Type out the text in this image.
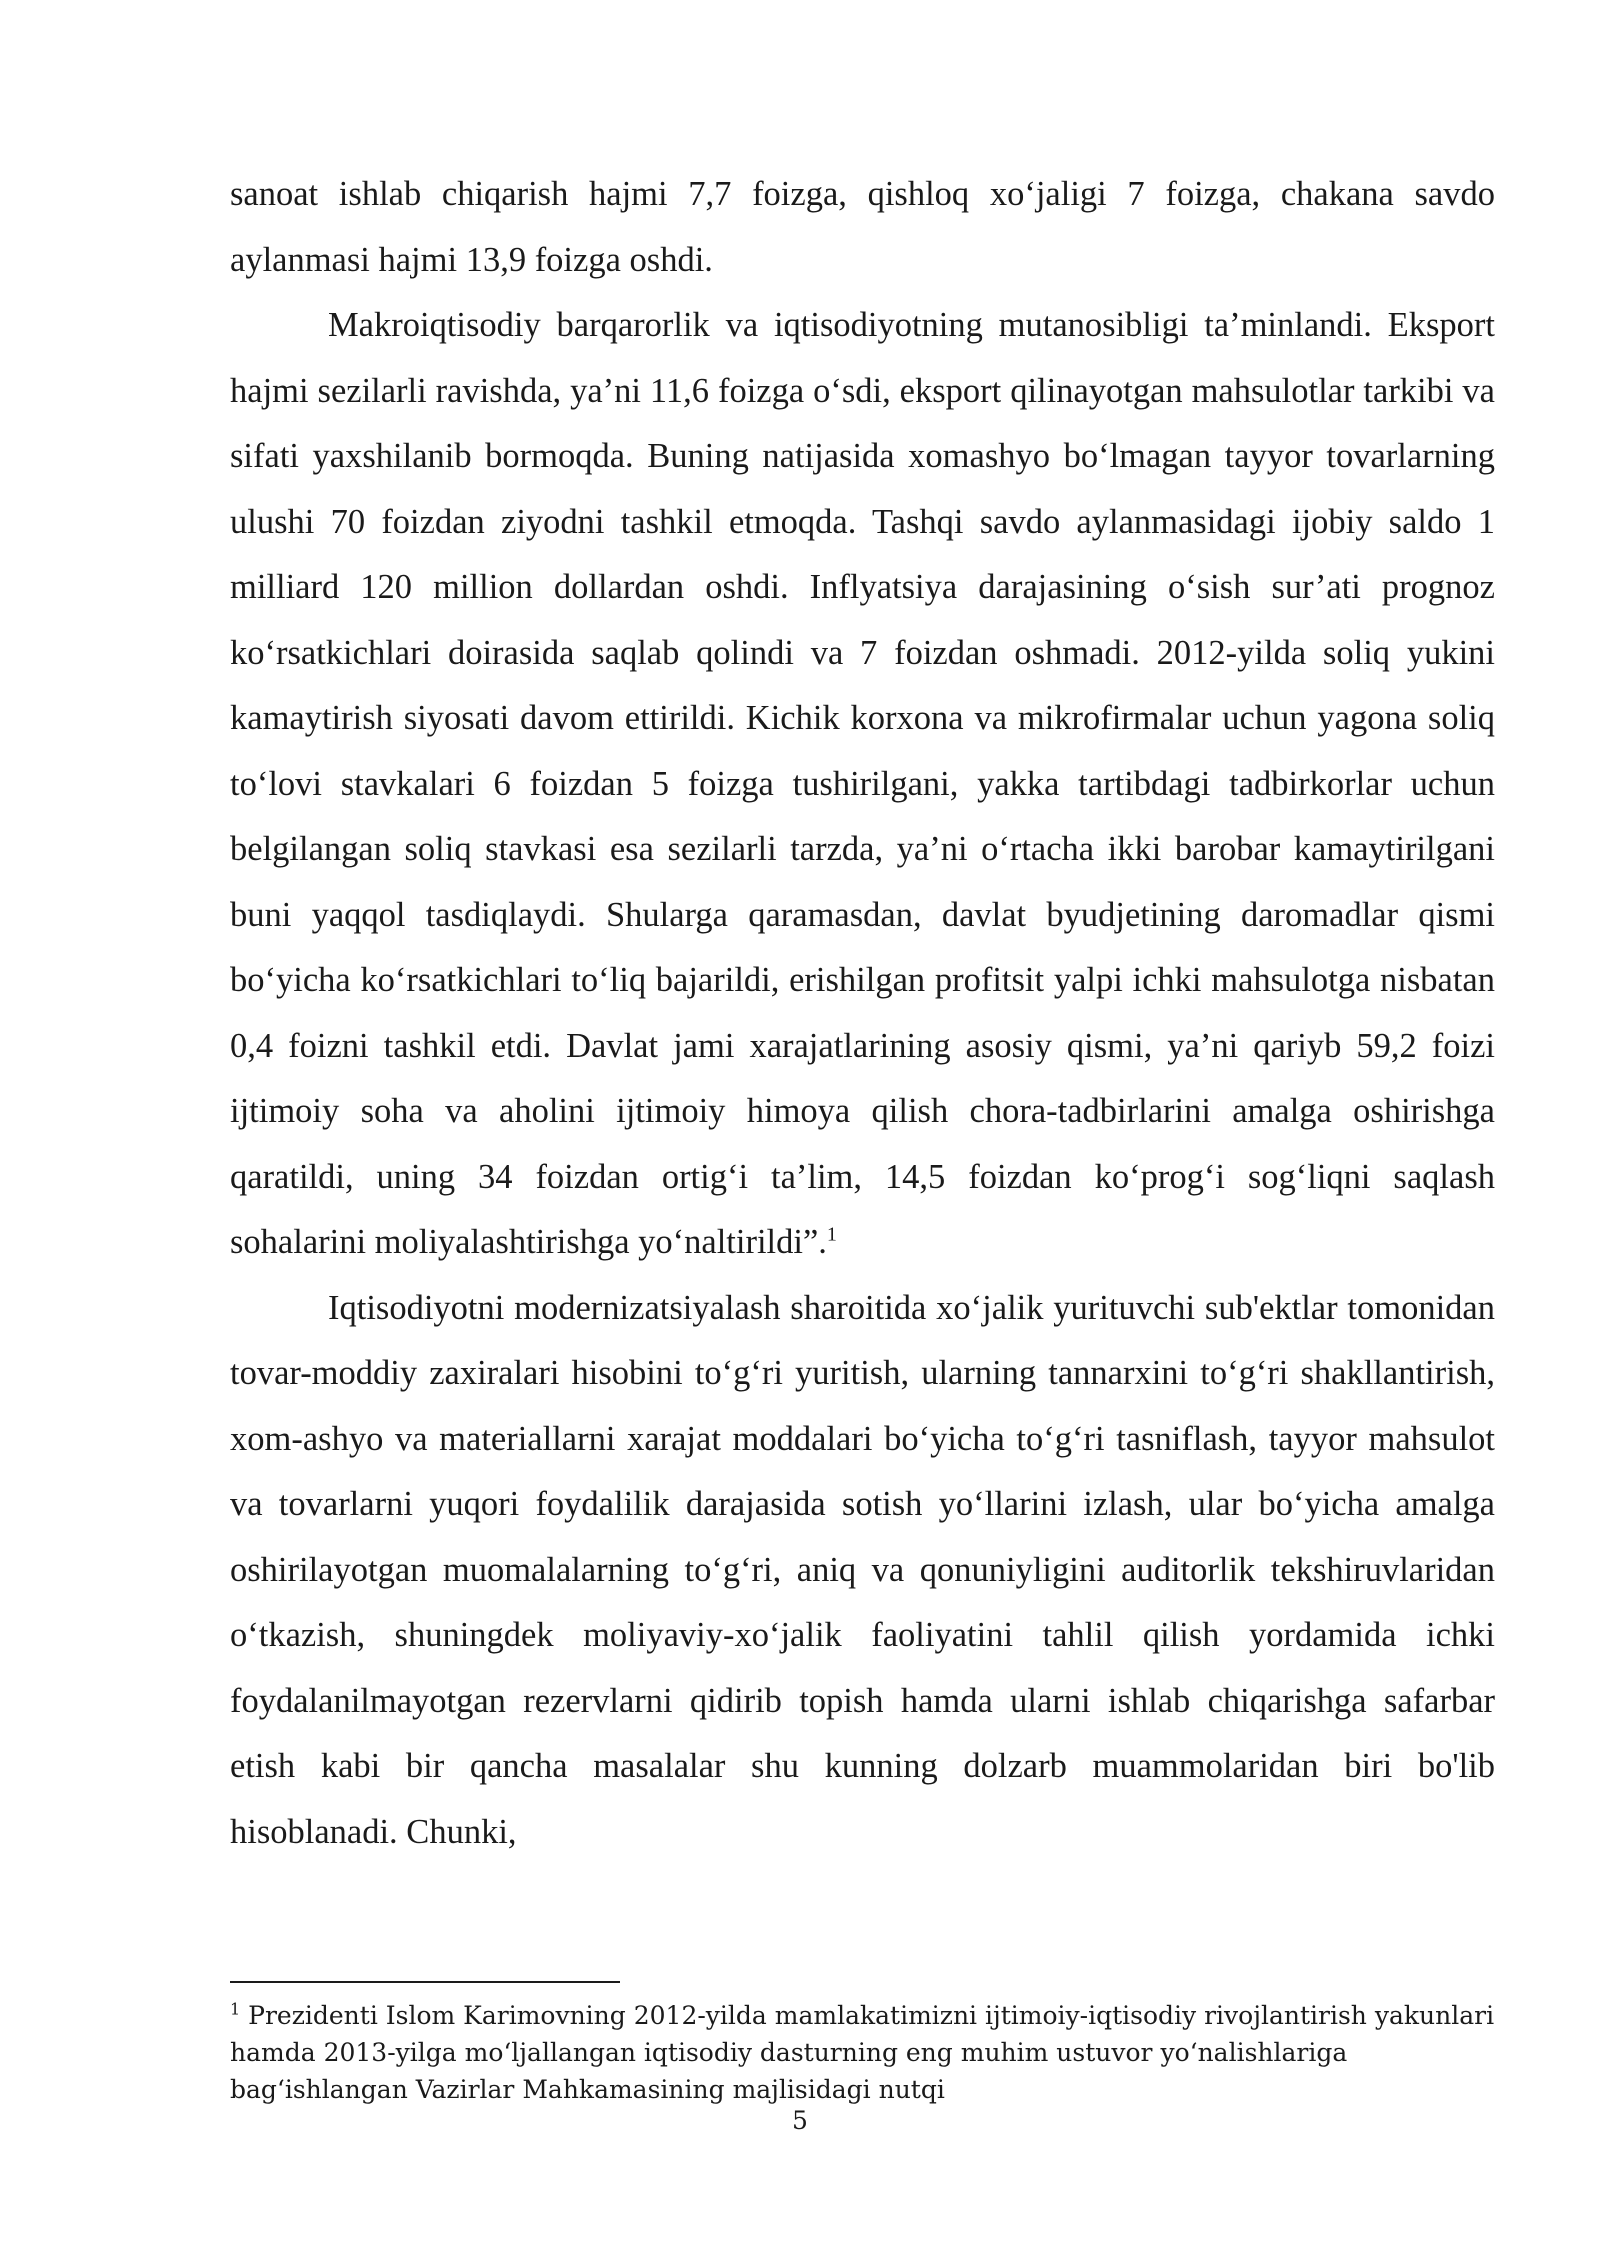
sanoat ishlab chiqarish hajmi 7,7 foizga, qishloq xo‘jaligi 7 foizga, chakana savdo aylanmasi hajmi 13,9 foizga oshdi.

Makroiqtisodiy barqarorlik va iqtisodiyotning mutanosibligi ta’minlandi. Eksport hajmi sezilarli ravishda, ya’ni 11,6 foizga o‘sdi, eksport qilinayotgan mahsulotlar tarkibi va sifati yaxshilanib bormoqda. Buning natijasida xomashyo bo‘lmagan tayyor tovarlarning ulushi 70 foizdan ziyodni tashkil etmoqda. Tashqi savdo aylanmasidagi ijobiy saldo 1 milliard 120 million dollardan oshdi. Inflyatsiya darajasining o‘sish sur’ati prognoz ko‘rsatkichlari doirasida saqlab qolindi va 7 foizdan oshmadi. 2012-yilda soliq yukini kamaytirish siyosati davom ettirildi. Kichik korxona va mikrofirmalar uchun yagona soliq to‘lovi stavkalari 6 foizdan 5 foizga tushirilgani, yakka tartibdagi tadbirkorlar uchun belgilangan soliq stavkasi esa sezilarli tarzda, ya’ni o‘rtacha ikki barobar kamaytirilgani buni yaqqol tasdiqlaydi. Shularga qaramasdan, davlat byudjetining daromadlar qismi bo‘yicha ko‘rsatkichlari to‘liq bajarildi, erishilgan profitsit yalpi ichki mahsulotga nisbatan 0,4 foizni tashkil etdi. Davlat jami xarajatlarining asosiy qismi, ya’ni qariyb 59,2 foizi ijtimoiy soha va aholini ijtimoiy himoya qilish chora-tadbirlarini amalga oshirishga qaratildi, uning 34 foizdan ortig‘i ta’lim, 14,5 foizdan ko‘prog‘i sog‘liqni saqlash sohalarini moliyalashtirishga yo‘naltirildi”.$^1$

Iqtisodiyotni modernizatsiyalash sharoitida xo‘jalik yurituvchi sub'ektlar tomonidan tovar-moddiy zaxiralari hisobini to‘g‘ri yuritish, ularning tannarxini to‘g‘ri shakllantirish, xom-ashyo va materiallarni xarajat moddalari bo‘yicha to‘g‘ri tasniflash, tayyor mahsulot va tovarlarni yuqori foydalilik darajasida sotish yo‘llarini izlash, ular bo‘yicha amalga oshirilayotgan muomalalarning to‘g‘ri, aniq va qonuniyligini auditorlik tekshiruvlaridan o‘tkazish, shuningdek moliyaviy-xo‘jalik faoliyatini tahlil qilish yordamida ichki foydalanilmayotgan rezervlarni qidirib topish hamda ularni ishlab chiqarishga safarbar etish kabi bir qancha masalalar shu kunning dolzarb muammolaridan biri bo'lib hisoblanadi. Chunki,

$^1$ Prezidenti Islom Karimovning 2012-yilda mamlakatimizni ijtimoiy-iqtisodiy rivojlantirish yakunlari hamda 2013-yilga mo‘ljallangan iqtisodiy dasturning eng muhim ustuvor yo‘nalishlariga bag‘ishlangan Vazirlar Mahkamasining majlisidagi nutqi

5
